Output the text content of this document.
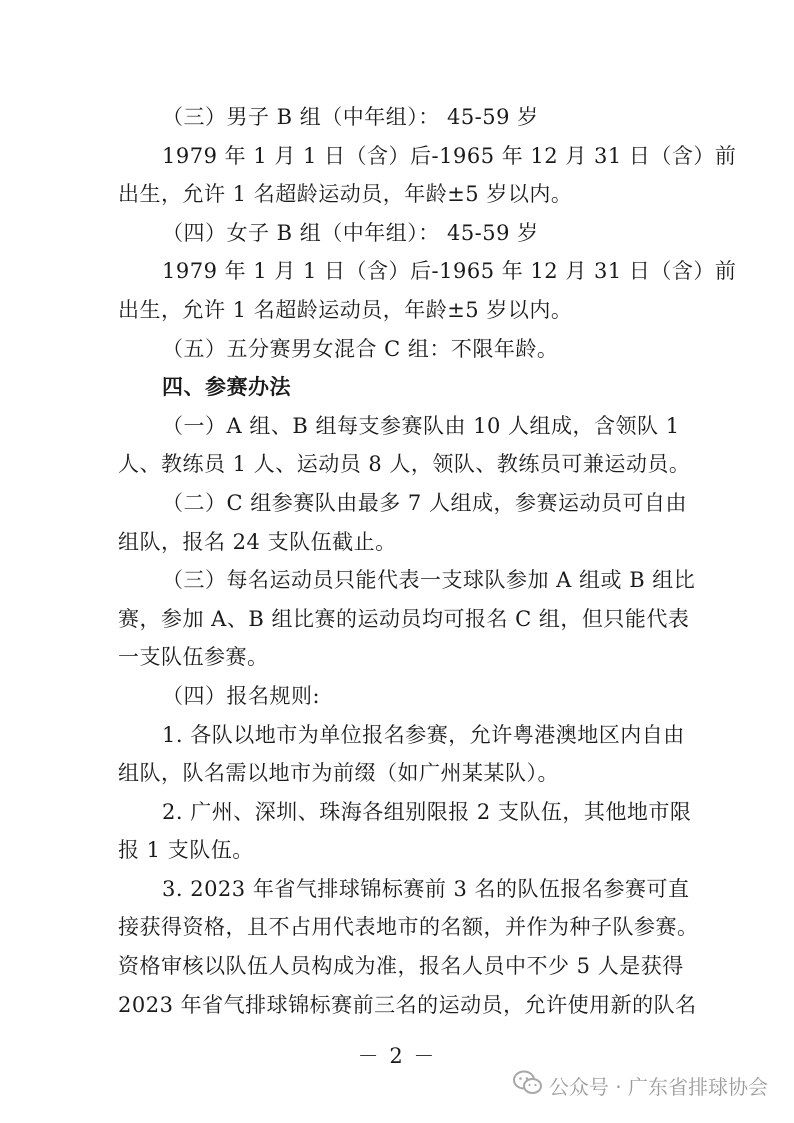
（三）男子 B 组（中年组）： 45-59 岁
1979 年 1 月 1 日（含）后-1965 年 12 月 31 日（含）前
出生，允许 1 名超龄运动员，年龄±5 岁以内。
（四）女子 B 组（中年组）： 45-59 岁
1979 年 1 月 1 日（含）后-1965 年 12 月 31 日（含）前
出生，允许 1 名超龄运动员，年龄±5 岁以内。
（五）五分赛男女混合 C 组：不限年龄。
四、参赛办法
（一）A 组、B 组每支参赛队由 10 人组成，含领队 1
人、教练员 1 人、运动员 8 人，领队、教练员可兼运动员。
（二）C 组参赛队由最多 7 人组成，参赛运动员可自由
组队，报名 24 支队伍截止。
（三）每名运动员只能代表一支球队参加 A 组或 B 组比
赛，参加 A、B 组比赛的运动员均可报名 C 组，但只能代表
一支队伍参赛。
（四）报名规则:
1. 各队以地市为单位报名参赛，允许粤港澳地区内自由
组队，队名需以地市为前缀（如广州某某队）。
2. 广州、深圳、珠海各组别限报 2 支队伍，其他地市限
报 1 支队伍。
3. 2023 年省气排球锦标赛前 3 名的队伍报名参赛可直
接获得资格，且不占用代表地市的名额，并作为种子队参赛。
资格审核以队伍人员构成为准，报名人员中不少 5 人是获得
2023 年省气排球锦标赛前三名的运动员，允许使用新的队名
－ 2 －
公众号 · 广东省排球协会
